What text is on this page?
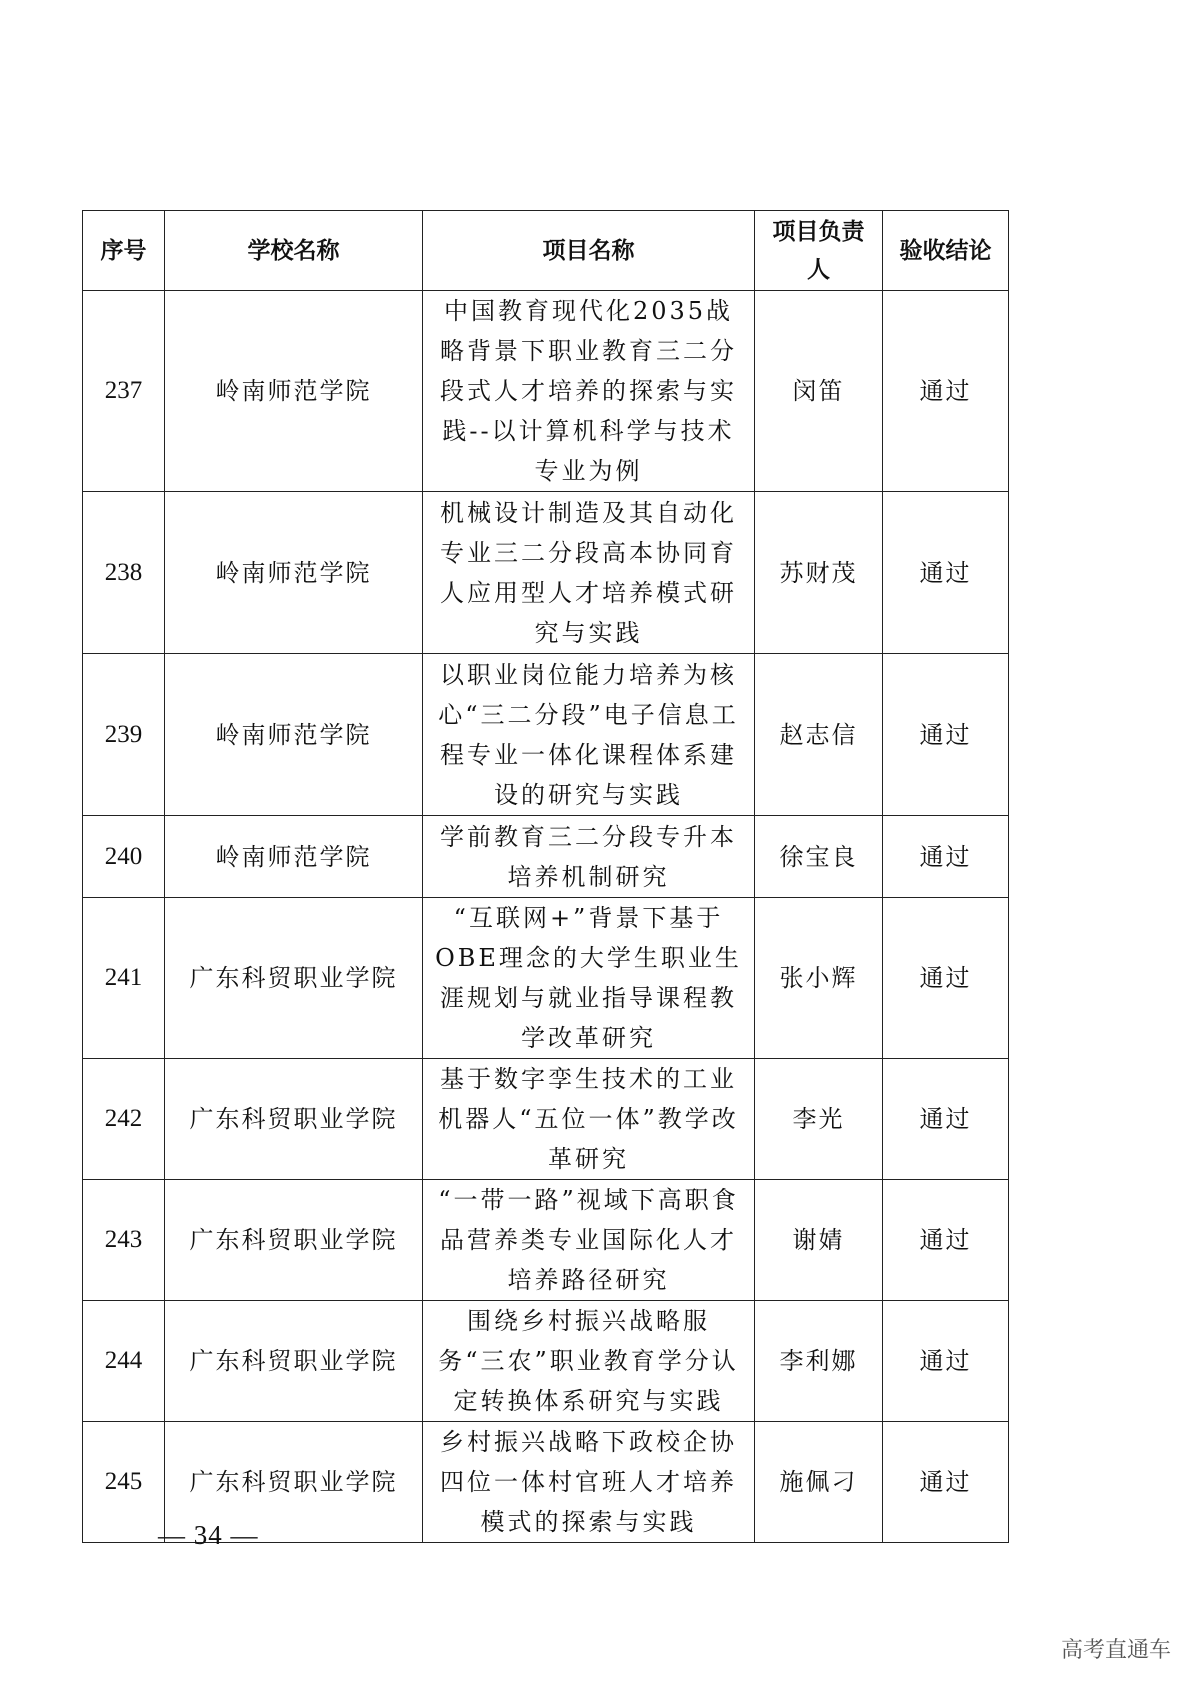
序号	学校名称	项目名称	项目负责人	验收结论
237	岭南师范学院	中国教育现代化2035战略背景下职业教育三二分段式人才培养的探索与实践--以计算机科学与技术专业为例	闵笛	通过
238	岭南师范学院	机械设计制造及其自动化专业三二分段高本协同育人应用型人才培养模式研究与实践	苏财茂	通过
239	岭南师范学院	以职业岗位能力培养为核心“三二分段”电子信息工程专业一体化课程体系建设的研究与实践	赵志信	通过
240	岭南师范学院	学前教育三二分段专升本培养机制研究	徐宝良	通过
241	广东科贸职业学院	“互联网+”背景下基于OBE理念的大学生职业生涯规划与就业指导课程教学改革研究	张小辉	通过
242	广东科贸职业学院	基于数字孪生技术的工业机器人“五位一体”教学改革研究	李光	通过
243	广东科贸职业学院	“一带一路”视域下高职食品营养类专业国际化人才培养路径研究	谢婧	通过
244	广东科贸职业学院	围绕乡村振兴战略服务“三农”职业教育学分认定转换体系研究与实践	李利娜	通过
245	广东科贸职业学院	乡村振兴战略下政校企协四位一体村官班人才培养模式的探索与实践	施佩刁	通过
— 34 —
高考直通车
